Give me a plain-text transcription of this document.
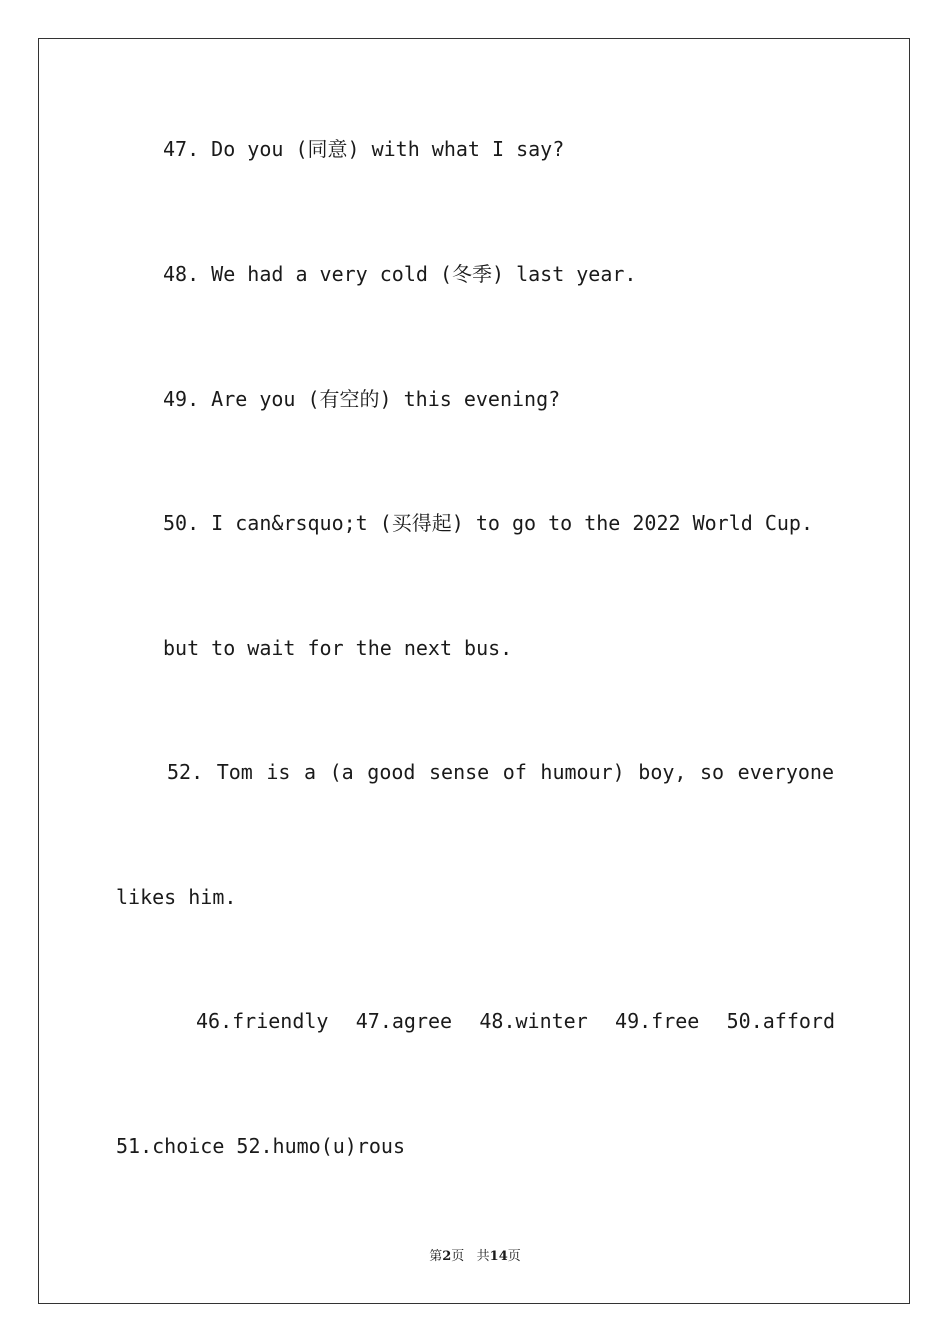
47. Do you (同意) with what I say?
48. We had a very cold (冬季) last year.
49. Are you (有空的) this evening?
50. I can&rsquo;t (买得起) to go to the 2022 World Cup.
but to wait for the next bus.
52. Tom is a (a good sense of humour) boy, so everyone
likes him.
46.friendly 47.agree 48.winter 49.free 50.afford
51.choice 52.humo(u)rous
第2页   共14页
